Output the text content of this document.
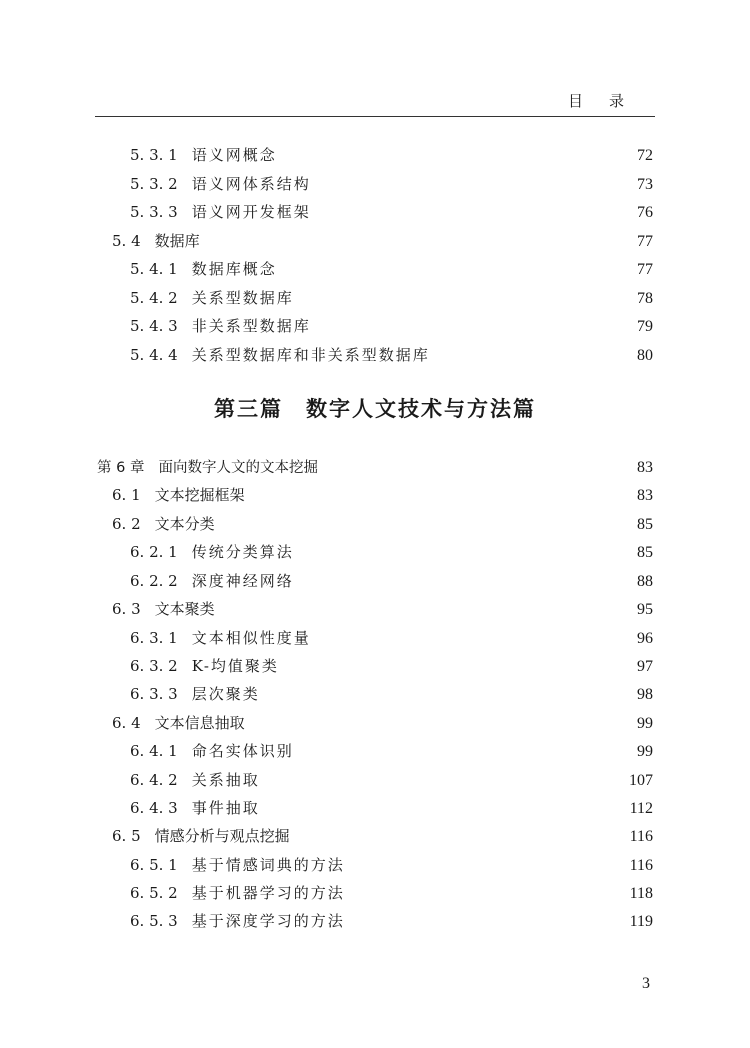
目录
5. 3. 1 语义网概念	72
5. 3. 2 语义网体系结构	73
5. 3. 3 语义网开发框架	76
5. 4 数据库	77
5. 4. 1 数据库概念	77
5. 4. 2 关系型数据库	78
5. 4. 3 非关系型数据库	79
5. 4. 4 关系型数据库和非关系型数据库	80
第三篇　数字人文技术与方法篇
第 6 章 面向数字人文的文本挖掘	83
6. 1 文本挖掘框架	83
6. 2 文本分类	85
6. 2. 1 传统分类算法	85
6. 2. 2 深度神经网络	88
6. 3 文本聚类	95
6. 3. 1 文本相似性度量	96
6. 3. 2 K-均值聚类	97
6. 3. 3 层次聚类	98
6. 4 文本信息抽取	99
6. 4. 1 命名实体识别	99
6. 4. 2 关系抽取	107
6. 4. 3 事件抽取	112
6. 5 情感分析与观点挖掘	116
6. 5. 1 基于情感词典的方法	116
6. 5. 2 基于机器学习的方法	118
6. 5. 3 基于深度学习的方法	119
3
